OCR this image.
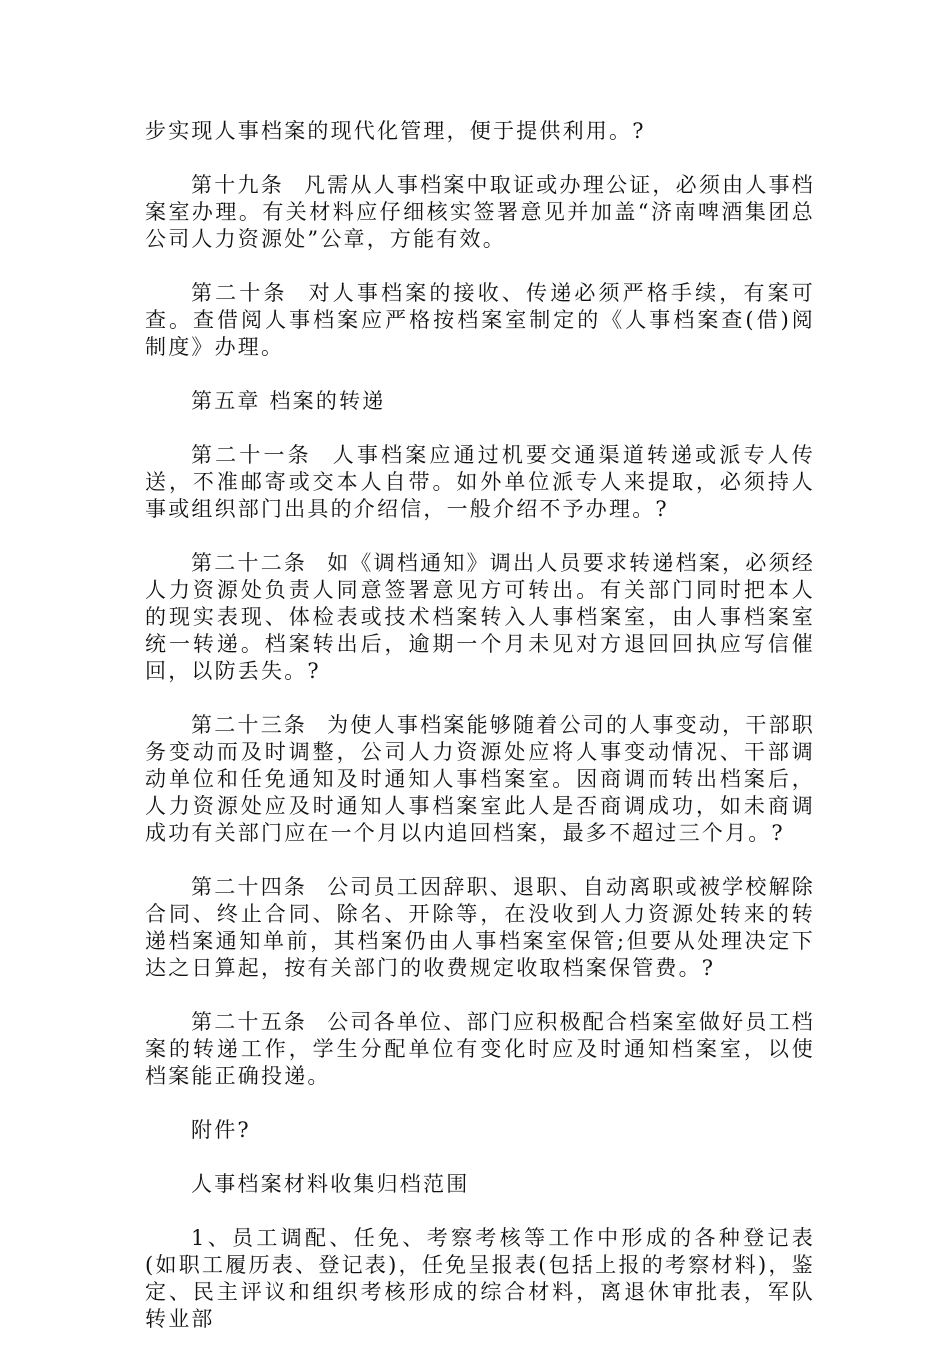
步实现人事档案的现代化管理，便于提供利用。?

第十九条 凡需从人事档案中取证或办理公证，必须由人事档案室办理。有关材料应仔细核实签署意见并加盖“济南啤酒集团总公司人力资源处”公章，方能有效。

第二十条 对人事档案的接收、传递必须严格手续，有案可查。查借阅人事档案应严格按档案室制定的《人事档案查(借)阅制度》办理。

第五章 档案的转递

第二十一条 人事档案应通过机要交通渠道转递或派专人传送，不准邮寄或交本人自带。如外单位派专人来提取，必须持人事或组织部门出具的介绍信，一般介绍不予办理。?

第二十二条 如《调档通知》调出人员要求转递档案，必须经人力资源处负责人同意签署意见方可转出。有关部门同时把本人的现实表现、体检表或技术档案转入人事档案室，由人事档案室统一转递。档案转出后，逾期一个月未见对方退回回执应写信催回，以防丢失。?

第二十三条 为使人事档案能够随着公司的人事变动，干部职务变动而及时调整，公司人力资源处应将人事变动情况、干部调动单位和任免通知及时通知人事档案室。因商调而转出档案后，人力资源处应及时通知人事档案室此人是否商调成功，如未商调成功有关部门应在一个月以内追回档案，最多不超过三个月。?

第二十四条 公司员工因辞职、退职、自动离职或被学校解除合同、终止合同、除名、开除等，在没收到人力资源处转来的转递档案通知单前，其档案仍由人事档案室保管;但要从处理决定下达之日算起，按有关部门的收费规定收取档案保管费。?

第二十五条 公司各单位、部门应积极配合档案室做好员工档案的转递工作，学生分配单位有变化时应及时通知档案室，以使档案能正确投递。

附件?

人事档案材料收集归档范围

1、员工调配、任免、考察考核等工作中形成的各种登记表(如职工履历表、登记表)，任免呈报表(包括上报的考察材料)，鉴定、民主评议和组织考核形成的综合材料，离退休审批表，军队转业部
